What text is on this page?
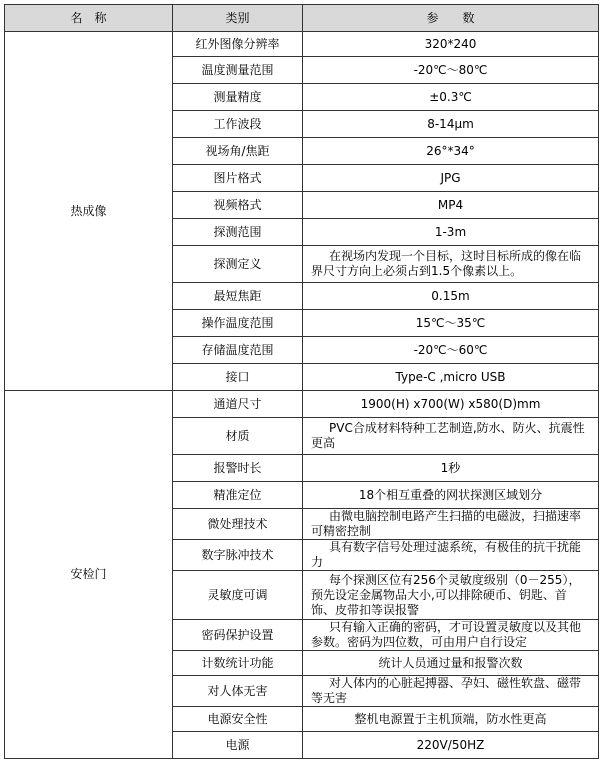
名　称	类别	参　　数
热成像	红外图像分辨率	320*240
	温度测量范围	-20℃～80℃
	测量精度	±0.3℃
	工作波段	8-14μm
	视场角/焦距	26°*34°
	图片格式	JPG
	视频格式	MP4
	探测范围	1-3m
	探测定义	在视场内发现一个目标，这时目标所成的像在临界尺寸方向上必须占到1.5个像素以上。

	最短焦距	0.15m
	操作温度范围	15℃～35℃
	存储温度范围	-20℃～60℃
	接口	Type-C ,micro USB
安检门	通道尺寸	1900(H) x700(W) x580(D)mm
	材质	PVC合成材料特种工艺制造,防水、防火、抗震性更高

	报警时长	1秒
	精准定位	18个相互重叠的网状探测区域划分
	微处理技术	由微电脑控制电路产生扫描的电磁波，扫描速率可精密控制

	数字脉冲技术	具有数字信号处理过滤系统，有极佳的抗干扰能力

	灵敏度可调	每个探测区位有256个灵敏度级别（0－255），预先设定金属物品大小,可以排除硬币、钥匙、首饰、皮带扣等误报警

	密码保护设置	只有输入正确的密码，才可设置灵敏度以及其他参数。密码为四位数，可由用户自行设定

	计数统计功能	统计人员通过量和报警次数
	对人体无害	对人体内的心脏起搏器、孕妇、磁性软盘、磁带等无害

	电源安全性	整机电源置于主机顶端，防水性更高
	电源	220V/50HZ
